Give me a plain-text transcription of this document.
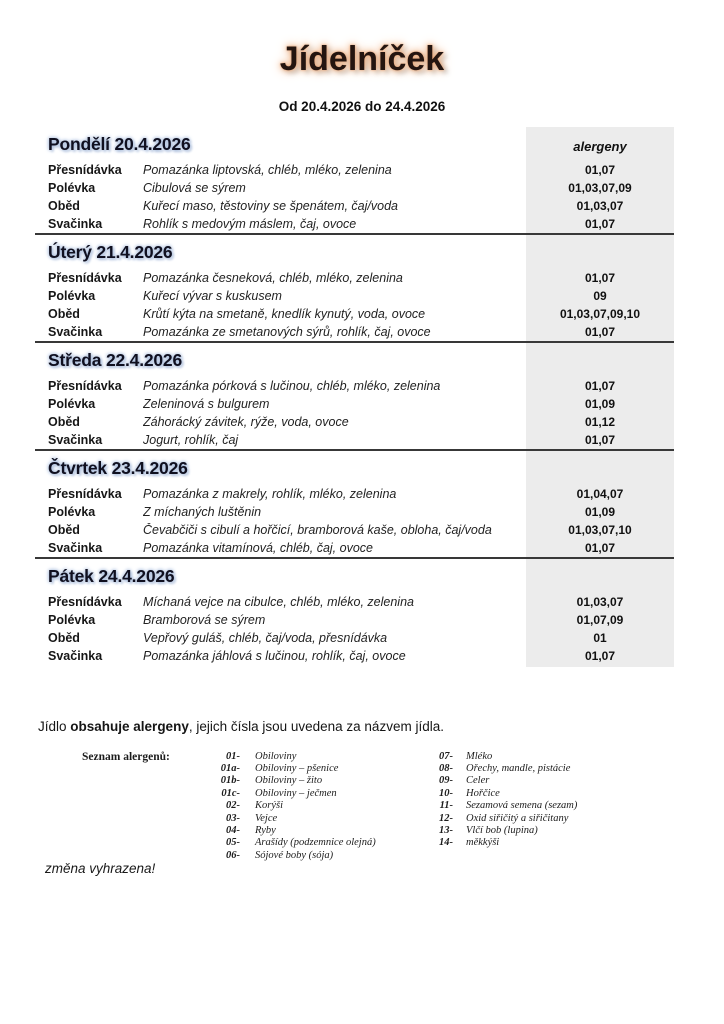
Jídelníček
Od 20.4.2026 do 24.4.2026
alergeny
Pondělí 20.4.2026
Přesnídávka	Pomazánka liptovská, chléb, mléko, zelenina	01,07
Polévka	Cibulová se sýrem	01,03,07,09
Oběd	Kuřecí maso, těstoviny se špenátem, čaj/voda	01,03,07
Svačinka	Rohlík s medovým máslem, čaj, ovoce	01,07
Úterý 21.4.2026
Přesnídávka	Pomazánka česneková, chléb, mléko, zelenina	01,07
Polévka	Kuřecí vývar s kuskusem	09
Oběd	Krůtí kýta na smetaně, knedlík kynutý, voda, ovoce	01,03,07,09,10
Svačinka	Pomazánka ze smetanových sýrů, rohlík, čaj, ovoce	01,07
Středa 22.4.2026
Přesnídávka	Pomazánka pórková s lučinou, chléb, mléko, zelenina	01,07
Polévka	Zeleninová s bulgurem	01,09
Oběd	Záhorácký závitek, rýže, voda, ovoce	01,12
Svačinka	Jogurt, rohlík, čaj	01,07
Čtvrtek 23.4.2026
Přesnídávka	Pomazánka z makrely, rohlík, mléko, zelenina	01,04,07
Polévka	Z míchaných luštěnin	01,09
Oběd	Čevabčiči s cibulí a hořčicí, bramborová kaše, obloha, čaj/voda	01,03,07,10
Svačinka	Pomazánka vitamínová, chléb, čaj, ovoce	01,07
Pátek 24.4.2026
Přesnídávka	Míchaná vejce na cibulce, chléb, mléko, zelenina	01,03,07
Polévka	Bramborová se sýrem	01,07,09
Oběd	Vepřový guláš, chléb, čaj/voda, přesnídávka	01
Svačinka	Pomazánka jáhlová s lučinou, rohlík, čaj, ovoce	01,07
Jídlo obsahuje alergeny, jejich čísla jsou uvedena za názvem jídla.
Seznam alergenů:	01- Obiloviny
01a- Obiloviny – pšenice
01b- Obiloviny – žito
01c- Obiloviny – ječmen
02- Korýši
03- Vejce
04- Ryby
05- Arašídy (podzemnice olejná)
06- Sójové boby (sója)
07- Mléko
08- Ořechy, mandle, pistácie
09- Celer
10- Hořčice
11- Sezamová semena (sezam)
12- Oxid siřičitý a siřičitany
13- Vlčí bob (lupina)
14- měkkýši
změna vyhrazena!
